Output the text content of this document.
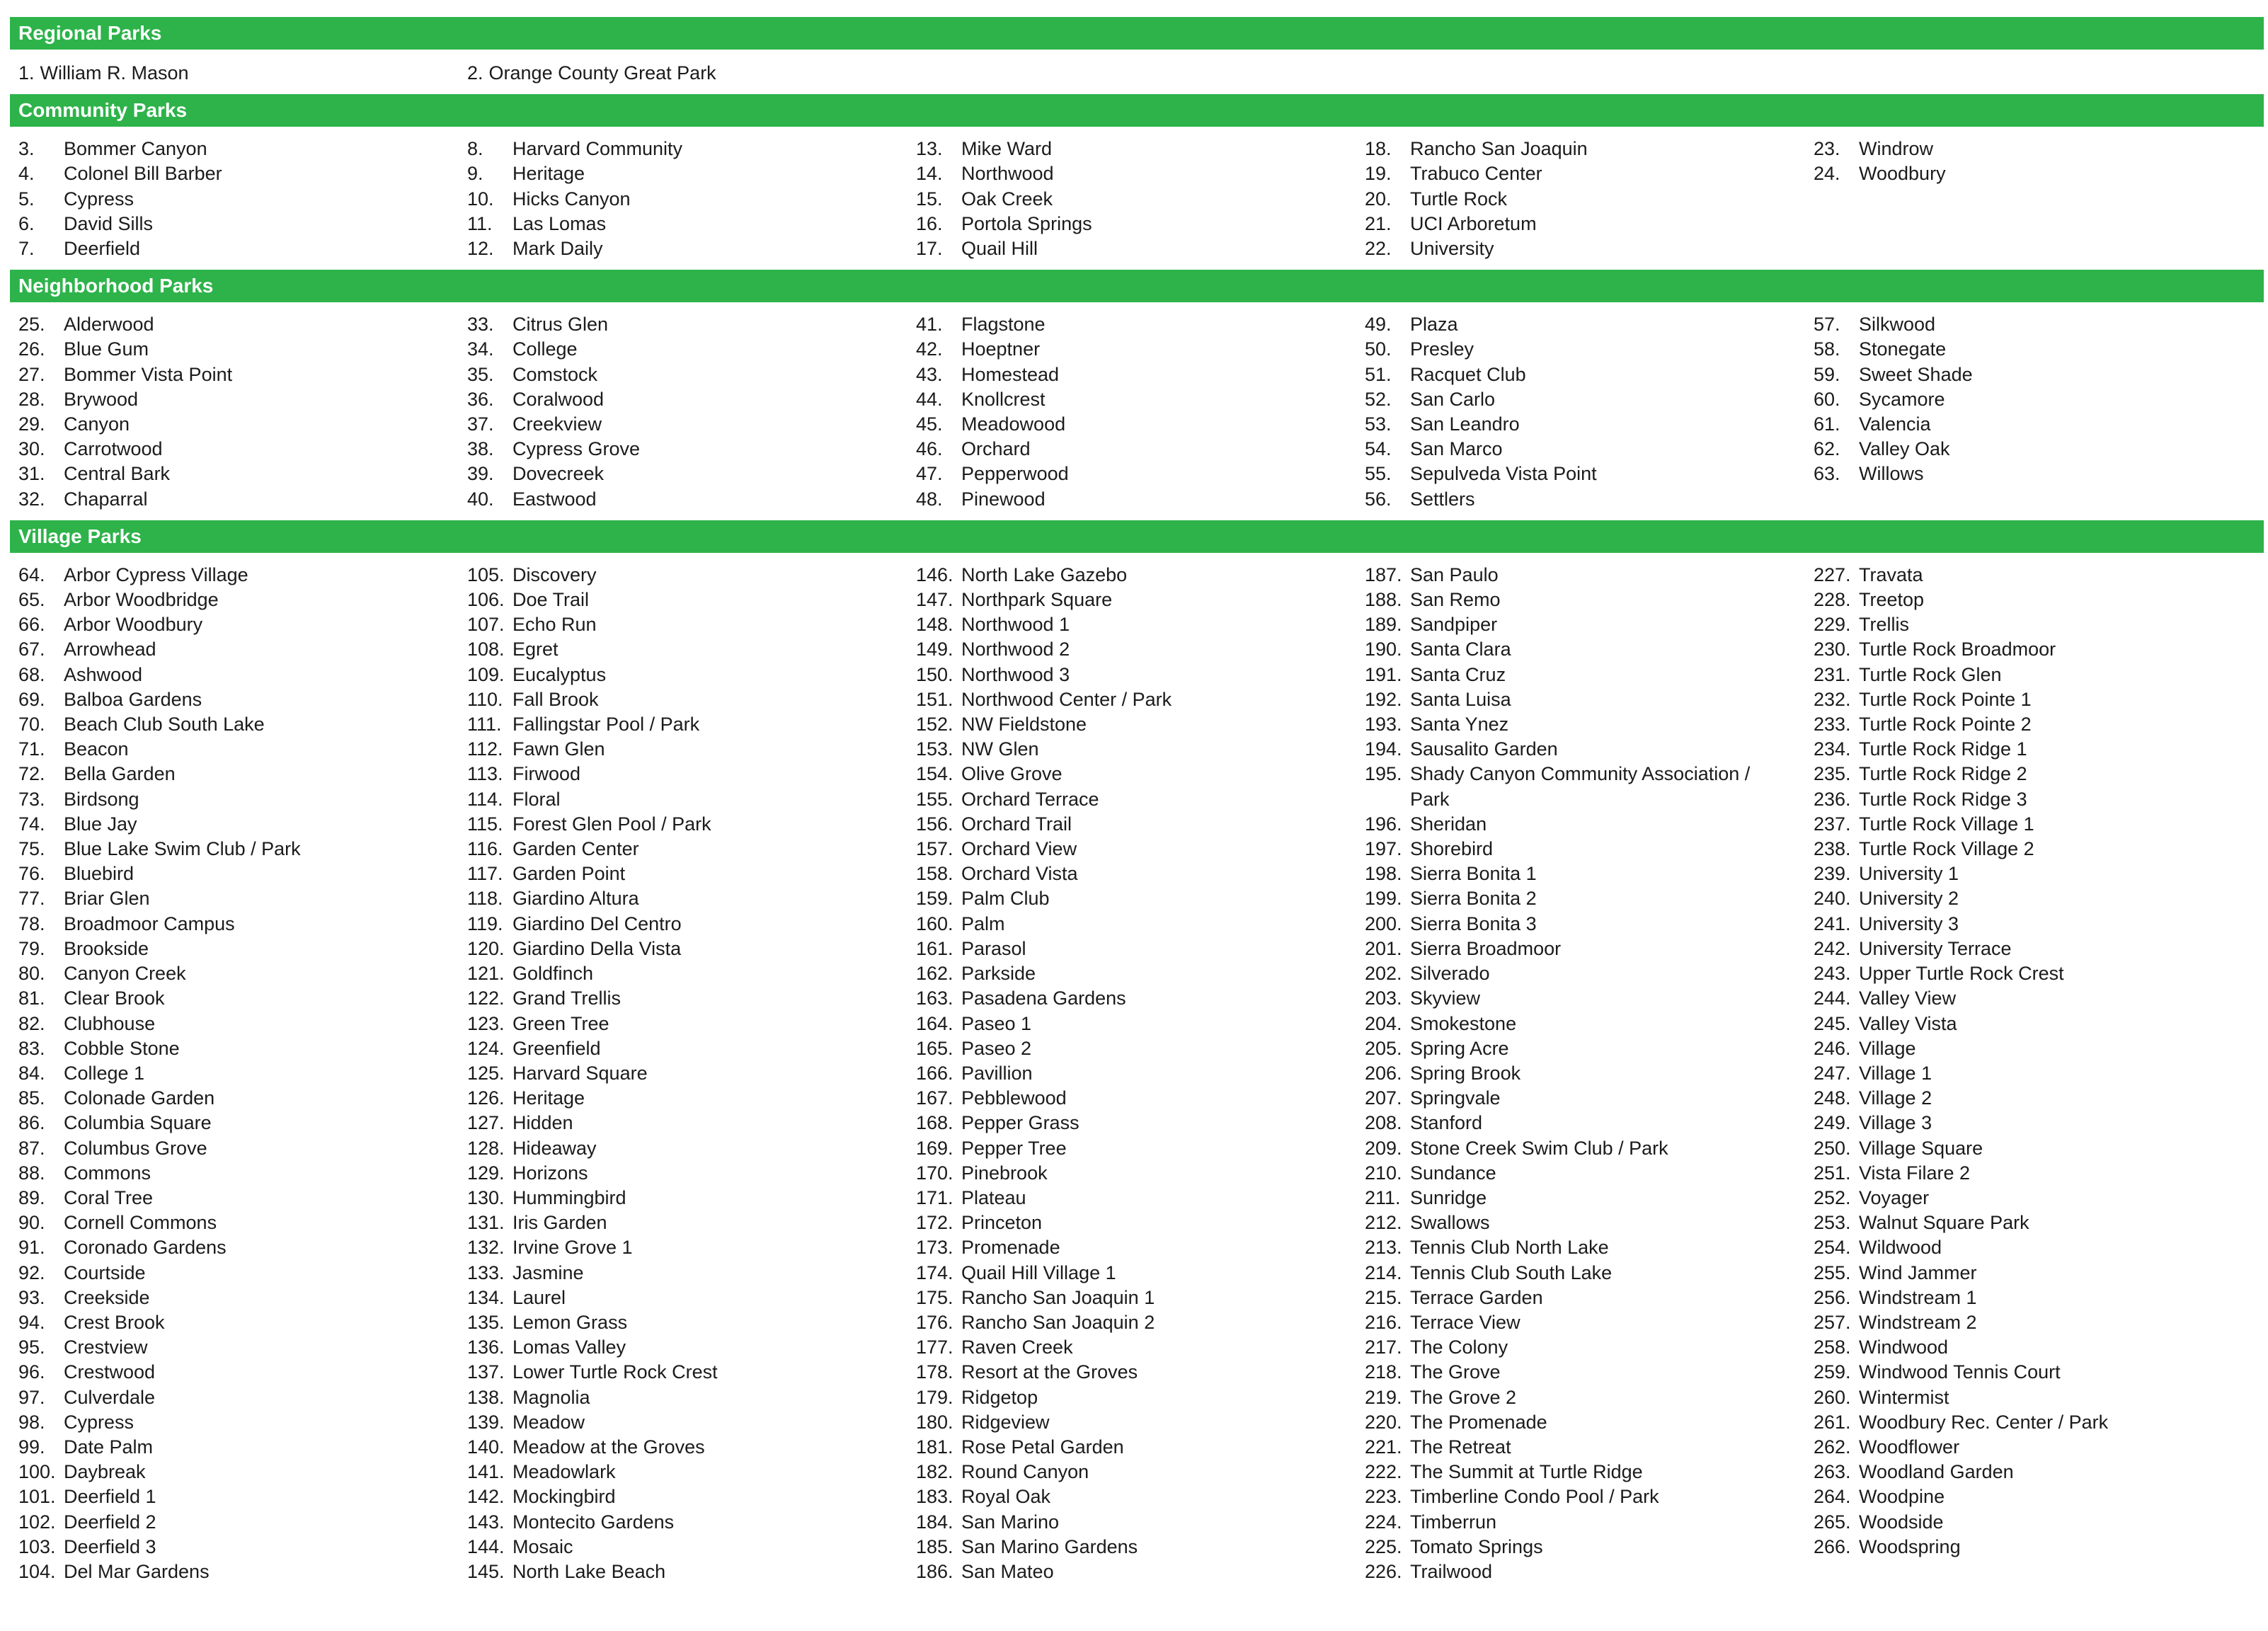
Regional Parks
1. William R. Mason	2. Orange County Great Park
Community Parks
3.	Bommer Canyon
4.	Colonel Bill Barber
5.	Cypress
6.	David Sills
7.	Deerfield
8.	Harvard Community
9.	Heritage
10. Hicks Canyon
11.	Las Lomas
12. Mark Daily
13. Mike Ward
14. Northwood
15. Oak Creek
16. Portola Springs
17. Quail Hill
18. Rancho San Joaquin
19. Trabuco Center
20. Turtle Rock
21. UCI Arboretum
22. University
23. Windrow
24. Woodbury
Neighborhood Parks
25. Alderwood
26. Blue Gum
27. Bommer Vista Point
28. Brywood
29. Canyon
30. Carrotwood
31. Central Bark
32. Chaparral
33. Citrus Glen
34. College
35. Comstock
36. Coralwood
37. Creekview
38. Cypress Grove
39. Dovecreek
40. Eastwood
41. Flagstone
42. Hoeptner
43. Homestead
44. Knollcrest
45. Meadowood
46. Orchard
47. Pepperwood
48. Pinewood
49. Plaza
50. Presley
51. Racquet Club
52. San Carlo
53. San Leandro
54. San Marco
55. Sepulveda Vista Point
56. Settlers
57. Silkwood
58. Stonegate
59. Sweet Shade
60. Sycamore
61. Valencia
62. Valley Oak
63. Willows
Village Parks
64. Arbor Cypress Village
65. Arbor Woodbridge
66. Arbor Woodbury
67. Arrowhead
68. Ashwood
69. Balboa Gardens
70. Beach Club South Lake
71. Beacon
72. Bella Garden
73. Birdsong
74. Blue Jay
75. Blue Lake Swim Club / Park
76. Bluebird
77. Briar Glen
78. Broadmoor Campus
79. Brookside
80. Canyon Creek
81. Clear Brook
82. Clubhouse
83. Cobble Stone
84. College 1
85. Colonade Garden
86. Columbia Square
87. Columbus Grove
88. Commons
89. Coral Tree
90. Cornell Commons
91. Coronado Gardens
92. Courtside
93. Creekside
94. Crest Brook
95. Crestview
96. Crestwood
97. Culverdale
98. Cypress
99. Date Palm
100. Daybreak
101. Deerfield 1
102. Deerfield 2
103. Deerfield 3
104. Del Mar Gardens
105. Discovery
106. Doe Trail
107. Echo Run
108. Egret
109. Eucalyptus
110. Fall Brook
111. Fallingstar Pool / Park
112. Fawn Glen
113. Firwood
114. Floral
115. Forest Glen Pool / Park
116. Garden Center
117. Garden Point
118. Giardino Altura
119. Giardino Del Centro
120. Giardino Della Vista
121. Goldfinch
122. Grand Trellis
123. Green Tree
124. Greenfield
125. Harvard Square
126. Heritage
127. Hidden
128. Hideaway
129. Horizons
130. Hummingbird
131. Iris Garden
132. Irvine Grove 1
133. Jasmine
134. Laurel
135. Lemon Grass
136. Lomas Valley
137. Lower Turtle Rock Crest
138. Magnolia
139. Meadow
140. Meadow at the Groves
141. Meadowlark
142. Mockingbird
143. Montecito Gardens
144. Mosaic
145. North Lake Beach
146. North Lake Gazebo
147. Northpark Square
148. Northwood 1
149. Northwood 2
150. Northwood 3
151. Northwood Center / Park
152. NW Fieldstone
153. NW Glen
154. Olive Grove
155. Orchard Terrace
156. Orchard Trail
157. Orchard View
158. Orchard Vista
159. Palm Club
160. Palm
161. Parasol
162. Parkside
163. Pasadena Gardens
164. Paseo 1
165. Paseo 2
166. Pavillion
167. Pebblewood
168. Pepper Grass
169. Pepper Tree
170. Pinebrook
171. Plateau
172. Princeton
173. Promenade
174. Quail Hill Village 1
175. Rancho San Joaquin 1
176. Rancho San Joaquin 2
177. Raven Creek
178. Resort at the Groves
179. Ridgetop
180. Ridgeview
181. Rose Petal Garden
182. Round Canyon
183. Royal Oak
184. San Marino
185. San Marino Gardens
186. San Mateo
187. San Paulo
188. San Remo
189. Sandpiper
190. Santa Clara
191. Santa Cruz
192. Santa Luisa
193. Santa Ynez
194. Sausalito Garden
195. Shady Canyon Community Association / Park
196. Sheridan
197. Shorebird
198. Sierra Bonita 1
199. Sierra Bonita 2
200. Sierra Bonita 3
201. Sierra Broadmoor
202. Silverado
203. Skyview
204. Smokestone
205. Spring Acre
206. Spring Brook
207. Springvale
208. Stanford
209. Stone Creek Swim Club / Park
210. Sundance
211. Sunridge
212. Swallows
213. Tennis Club North Lake
214. Tennis Club South Lake
215. Terrace Garden
216. Terrace View
217. The Colony
218. The Grove
219. The Grove 2
220. The Promenade
221. The Retreat
222. The Summit at Turtle Ridge
223. Timberline Condo Pool / Park
224. Timberrun
225. Tomato Springs
226. Trailwood
227. Travata
228. Treetop
229. Trellis
230. Turtle Rock Broadmoor
231. Turtle Rock Glen
232. Turtle Rock Pointe 1
233. Turtle Rock Pointe 2
234. Turtle Rock Ridge 1
235. Turtle Rock Ridge 2
236. Turtle Rock Ridge 3
237. Turtle Rock Village 1
238. Turtle Rock Village 2
239. University 1
240. University 2
241. University 3
242. University Terrace
243. Upper Turtle Rock Crest
244. Valley View
245. Valley Vista
246. Village
247. Village 1
248. Village 2
249. Village 3
250. Village Square
251. Vista Filare 2
252. Voyager
253. Walnut Square Park
254. Wildwood
255. Wind Jammer
256. Windstream 1
257. Windstream 2
258. Windwood
259. Windwood Tennis Court
260. Wintermist
261. Woodbury Rec. Center / Park
262. Woodflower
263. Woodland Garden
264. Woodpine
265. Woodside
266. Woodspring
